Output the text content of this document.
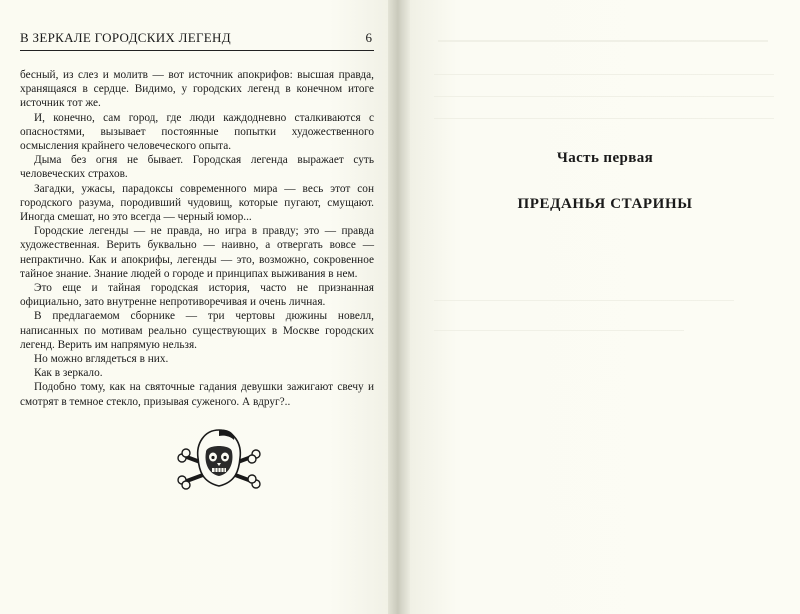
В ЗЕРКАЛЕ ГОРОДСКИХ ЛЕГЕНД	6

бесный, из слез и молитв — вот источник апокрифов: высшая правда, хранящаяся в сердце. Видимо, у городских легенд в конечном итоге источник тот же.

И, конечно, сам город, где люди каждодневно сталкиваются с опасностями, вызывает постоянные попытки художественного осмысления крайнего человеческого опыта.

Дыма без огня не бывает. Городская легенда выражает суть человеческих страхов.

Загадки, ужасы, парадоксы современного мира — весь этот сон городского разума, породивший чудовищ, которые пугают, смущают. Иногда смешат, но это всегда — черный юмор...

Городские легенды — не правда, но игра в правду; это — правда художественная. Верить буквально — наивно, а отвергать вовсе — непрактично. Как и апокрифы, легенды — это, возможно, сокровенное тайное знание. Знание людей о городе и принципах выживания в нем.

Это еще и тайная городская история, часто не признанная официально, зато внутренне непротиворечивая и очень личная.

В предлагаемом сборнике — три чертовы дюжины новелл, написанных по мотивам реально существующих в Москве городских легенд. Верить им напрямую нельзя.

Но можно вглядеться в них.

Как в зеркало.

Подобно тому, как на святочные гадания девушки зажигают свечу и смотрят в темное стекло, призывая суженого. А вдруг?..

Часть первая
ПРЕДАНЬЯ СТАРИНЫ
